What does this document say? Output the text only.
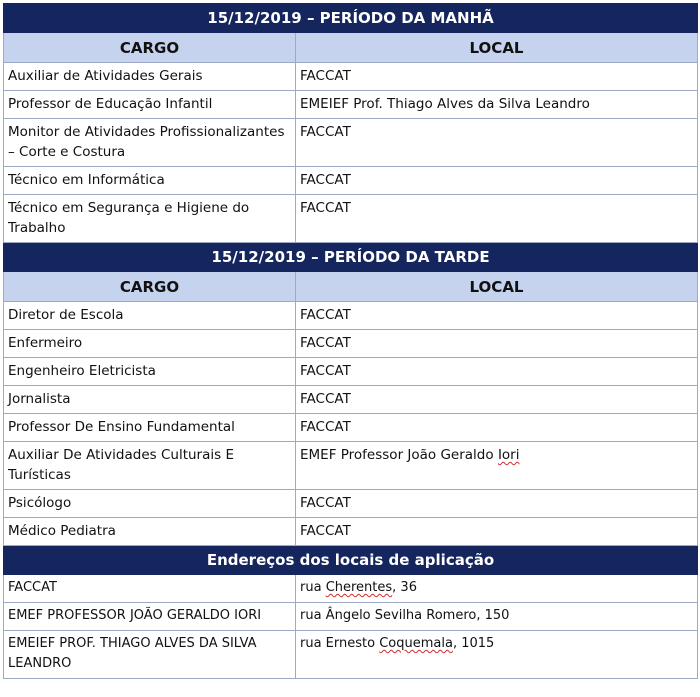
15/12/2019 – PERÍODO DA MANHÃ	
CARGO	LOCAL
Auxiliar de Atividades Gerais	FACCAT
Professor de Educação Infantil	EMEIEF Prof. Thiago Alves da Silva Leandro
Monitor de Atividades Profissionalizantes – Corte e Costura	FACCAT
Técnico em Informática	FACCAT
Técnico em Segurança e Higiene do Trabalho	FACCAT
15/12/2019 – PERÍODO DA TARDE	
CARGO	LOCAL
Diretor de Escola	FACCAT
Enfermeiro	FACCAT
Engenheiro Eletricista	FACCAT
Jornalista	FACCAT
Professor De Ensino Fundamental	FACCAT
Auxiliar De Atividades Culturais E Turísticas	EMEF Professor João Geraldo Iori
Psicólogo	FACCAT
Médico Pediatra	FACCAT
Endereços dos locais de aplicação	
FACCAT	rua Cherentes, 36
EMEF PROFESSOR JOÃO GERALDO IORI	rua Ângelo Sevilha Romero, 150
EMEIEF PROF. THIAGO ALVES DA SILVA LEANDRO	rua Ernesto Coquemala, 1015
